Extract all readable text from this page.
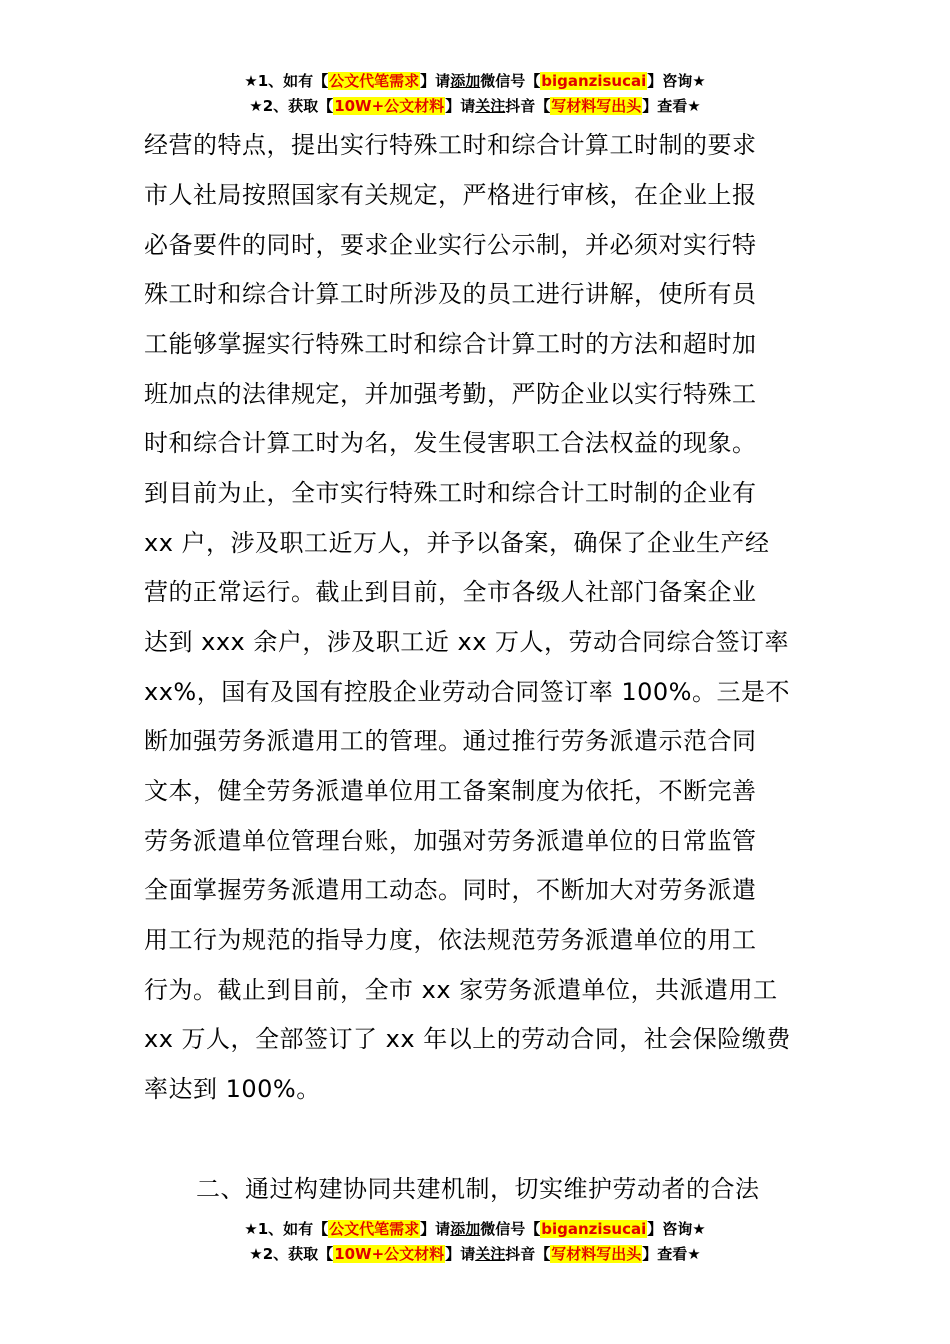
★1、如有【公文代笔需求】请添加微信号【biganzisucai】咨询★
★2、获取【10W+公文材料】请关注抖音【写材料写出头】查看★
经营的特点，提出实行特殊工时和综合计算工时制的要求
市人社局按照国家有关规定，严格进行审核，在企业上报
必备要件的同时，要求企业实行公示制，并必须对实行特
殊工时和综合计算工时所涉及的员工进行讲解，使所有员
工能够掌握实行特殊工时和综合计算工时的方法和超时加
班加点的法律规定，并加强考勤，严防企业以实行特殊工
时和综合计算工时为名，发生侵害职工合法权益的现象。
到目前为止，全市实行特殊工时和综合计工时制的企业有
xx 户，涉及职工近万人，并予以备案，确保了企业生产经
营的正常运行。截止到目前，全市各级人社部门备案企业
达到 xxx 余户，涉及职工近 xx 万人，劳动合同综合签订率
xx%，国有及国有控股企业劳动合同签订率 100%。三是不
断加强劳务派遣用工的管理。通过推行劳务派遣示范合同
文本，健全劳务派遣单位用工备案制度为依托，不断完善
劳务派遣单位管理台账，加强对劳务派遣单位的日常监管
全面掌握劳务派遣用工动态。同时，不断加大对劳务派遣
用工行为规范的指导力度，依法规范劳务派遣单位的用工
行为。截止到目前，全市 xx 家劳务派遣单位，共派遣用工
xx 万人，全部签订了 xx 年以上的劳动合同，社会保险缴费
率达到 100%。
二、通过构建协同共建机制，切实维护劳动者的合法
★1、如有【公文代笔需求】请添加微信号【biganzisucai】咨询★
★2、获取【10W+公文材料】请关注抖音【写材料写出头】查看★
